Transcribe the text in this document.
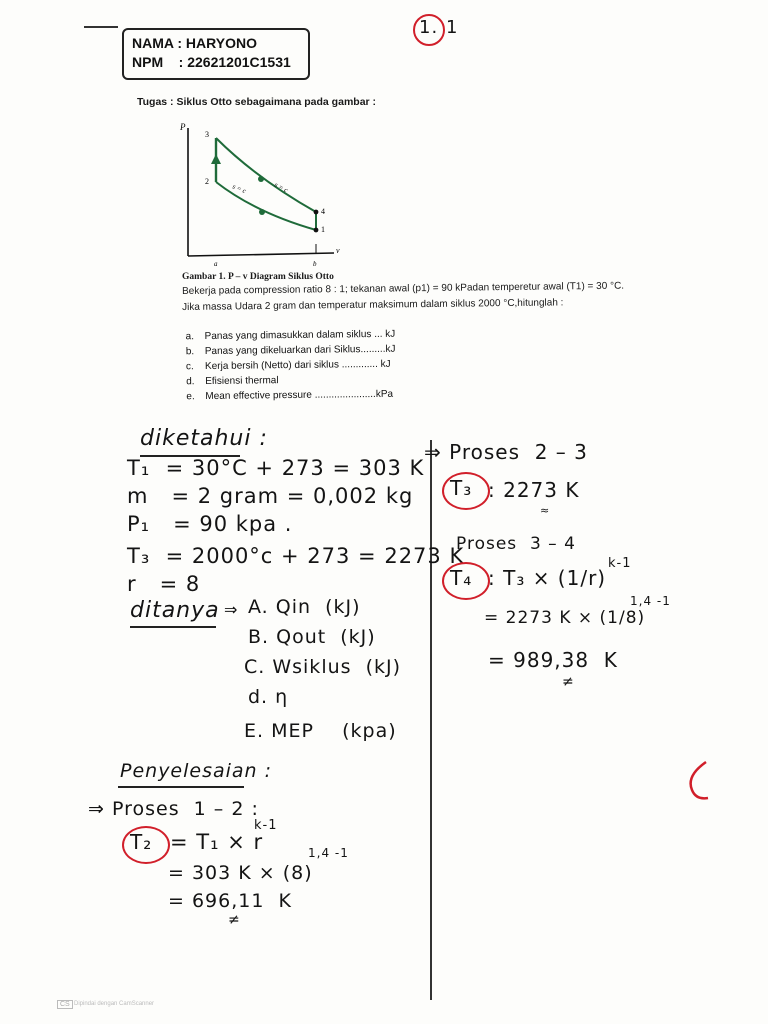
1. 1
NAMA : HARYONO
NPM    : 22621201C1531
Tugas : Siklus Otto sebagaimana pada gambar :
P
v
3
2
4
1
a	b
s = c
s = c
Gambar 1. P – v Diagram Siklus Otto
Bekerja pada compression ratio 8 : 1; tekanan awal (p1) = 90 kPadan temperetur awal (T1) = 30 °C.
Jika massa Udara 2 gram dan temperatur maksimum dalam siklus 2000 °C,hitunglah :
a.	Panas yang dimasukkan dalam siklus ... kJ
b.	Panas yang dikeluarkan dari Siklus.........kJ
c.	Kerja bersih (Netto) dari siklus ............. kJ
d.	Efisiensi thermal
e.	Mean effective pressure ......................kPa
diketahui :
T₁  = 30°C + 273 = 303 K
m   = 2 gram = 0,002 kg
P₁   = 90 kpa .
T₃  = 2000°c + 273 = 2273 K
r   = 8
ditanya ⇒ A. Qin  (kJ)
B. Qout  (kJ)
C. Wsiklus  (kJ)
d. η
E. MEP    (kpa)
Penyelesaian :
⇒ Proses  1 – 2 :
T₂ = T₁ × r
k-1
= 303 K × (8)
1,4 -1
= 696,11  K
≠
⇒ Proses  2 – 3
T₃ : 2273 K
≈
Proses  3 – 4
T₄ : T₃ × (1/r)
k-1
= 2273 K × (1/8)
1,4 -1
= 989,38  K
≠
CS Dipindai dengan CamScanner
